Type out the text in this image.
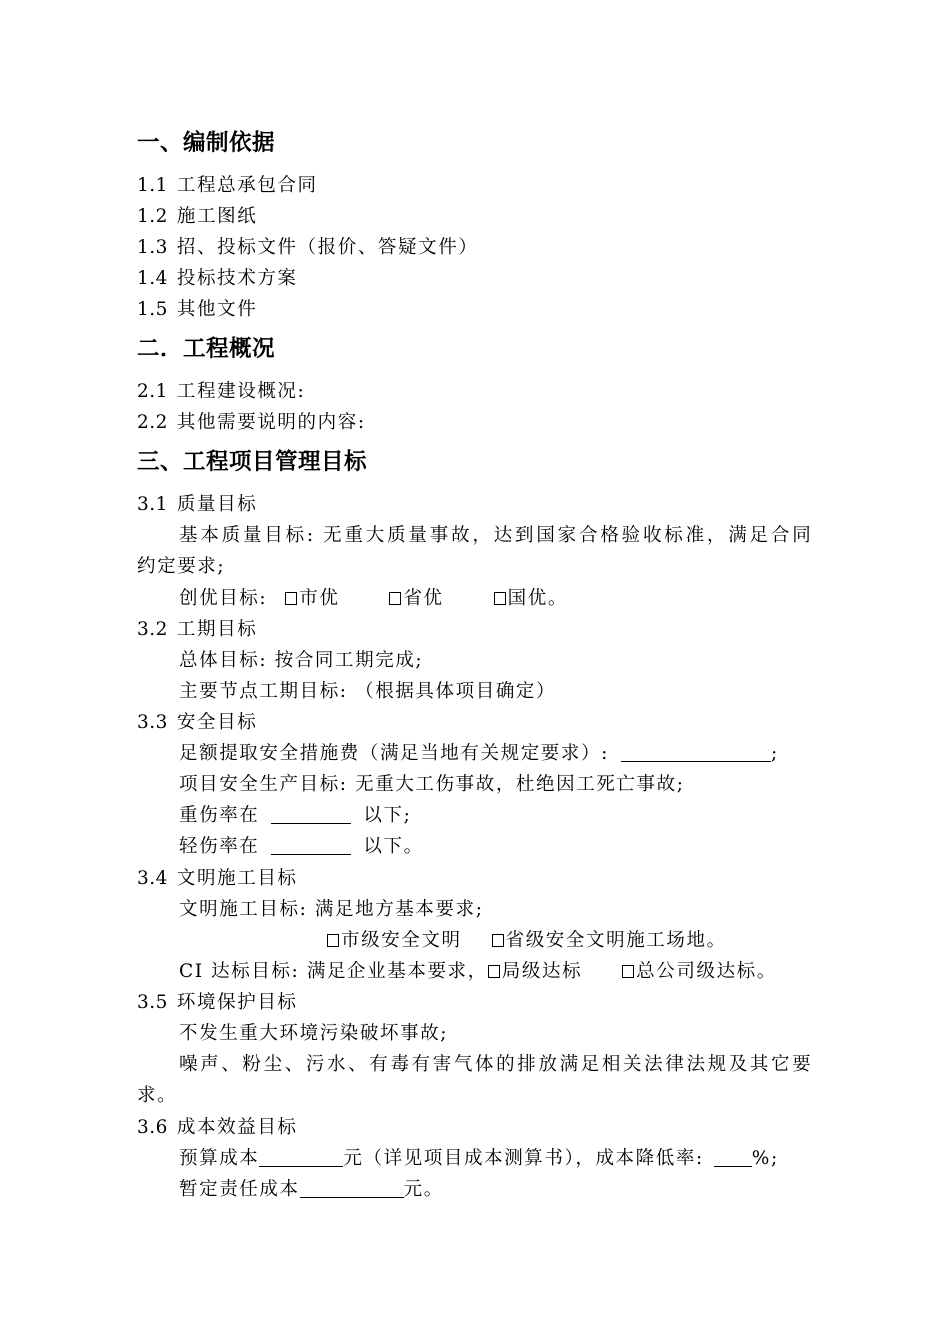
一、编制依据
1.1 工程总承包合同
1.2 施工图纸
1.3 招、投标文件（报价、答疑文件）
1.4 投标技术方案
1.5 其他文件
二．工程概况
2.1 工程建设概况:
2.2 其他需要说明的内容:
三、工程项目管理目标
3.1 质量目标
基本质量目标: 无重大质量事故，达到国家合格验收标准，满足合同
约定要求;
创优目标: 市优	省优	国优。
3.2 工期目标
总体目标: 按合同工期完成;
主要节点工期目标: （根据具体项目确定）
3.3 安全目标
足额提取安全措施费（满足当地有关规定要求）:	;
项目安全生产目标: 无重大工伤事故，杜绝因工死亡事故;
重伤率在	以下;
轻伤率在	以下。
3.4 文明施工目标
文明施工目标: 满足地方基本要求;
市级安全文明 省级安全文明施工场地。
CI 达标目标: 满足企业基本要求， 局级达标	总公司级达标。
3.5 环境保护目标
不发生重大环境污染破坏事故;
噪声、粉尘、污水、有毒有害气体的排放满足相关法律法规及其它要
求。
3.6 成本效益目标
预算成本	元（详见项目成本测算书），成本降低率:	%;
暂定责任成本	元。
